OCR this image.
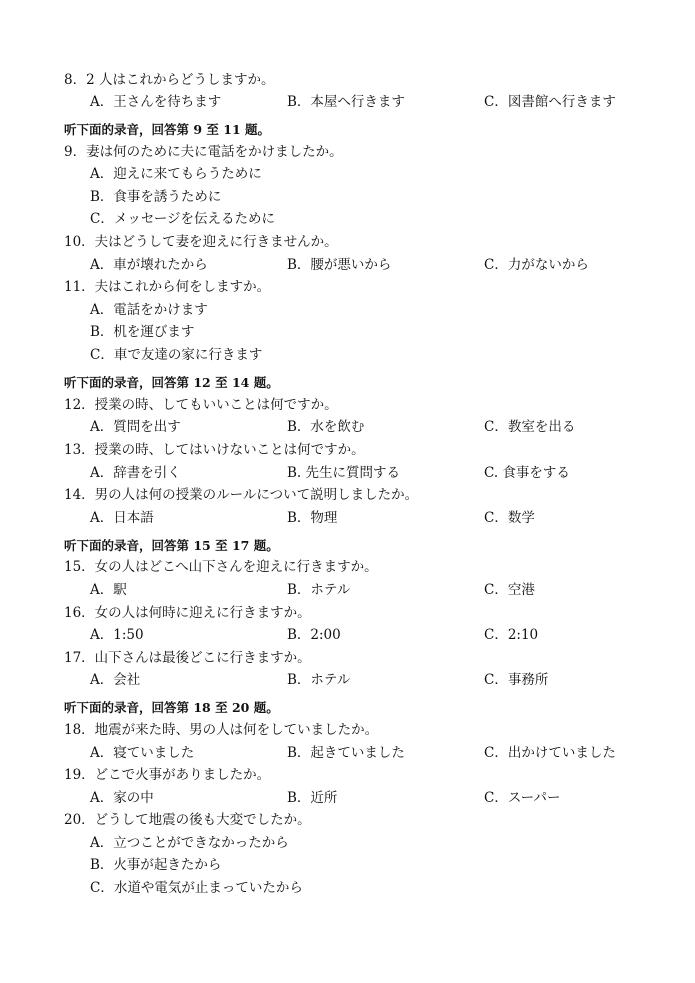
8．2 人はこれからどうしますか。
A．王さんを待ちます	B．本屋へ行きます	C．図書館へ行きます
听下面的录音，回答第 9 至 11 题。
9．妻は何のために夫に電話をかけましたか。
A．迎えに来てもらうために
B．食事を誘うために
C．メッセージを伝えるために
10．夫はどうして妻を迎えに行きませんか。
A．車が壊れたから	B．腰が悪いから	C．力がないから
11．夫はこれから何をしますか。
A．電話をかけます
B．机を運びます
C．車で友達の家に行きます
听下面的录音，回答第 12 至 14 题。
12．授業の時、してもいいことは何ですか。
A．質問を出す	B．水を飲む	C．教室を出る
13．授業の時、してはいけないことは何ですか。
A．辞書を引く	B. 先生に質問する	C. 食事をする
14．男の人は何の授業のルールについて説明しましたか。
A．日本語	B．物理	C．数学
听下面的录音，回答第 15 至 17 题。
15．女の人はどこへ山下さんを迎えに行きますか。
A．駅	B．ホテル	C．空港
16．女の人は何時に迎えに行きますか。
A．1:50	B．2:00	C．2:10
17．山下さんは最後どこに行きますか。
A．会社	B．ホテル	C．事務所
听下面的录音，回答第 18 至 20 题。
18．地震が来た時、男の人は何をしていましたか。
A．寝ていました	B．起きていました	C．出かけていました
19．どこで火事がありましたか。
A．家の中	B．近所	C．スーパー
20．どうして地震の後も大変でしたか。
A．立つことができなかったから
B．火事が起きたから
C．水道や電気が止まっていたから
